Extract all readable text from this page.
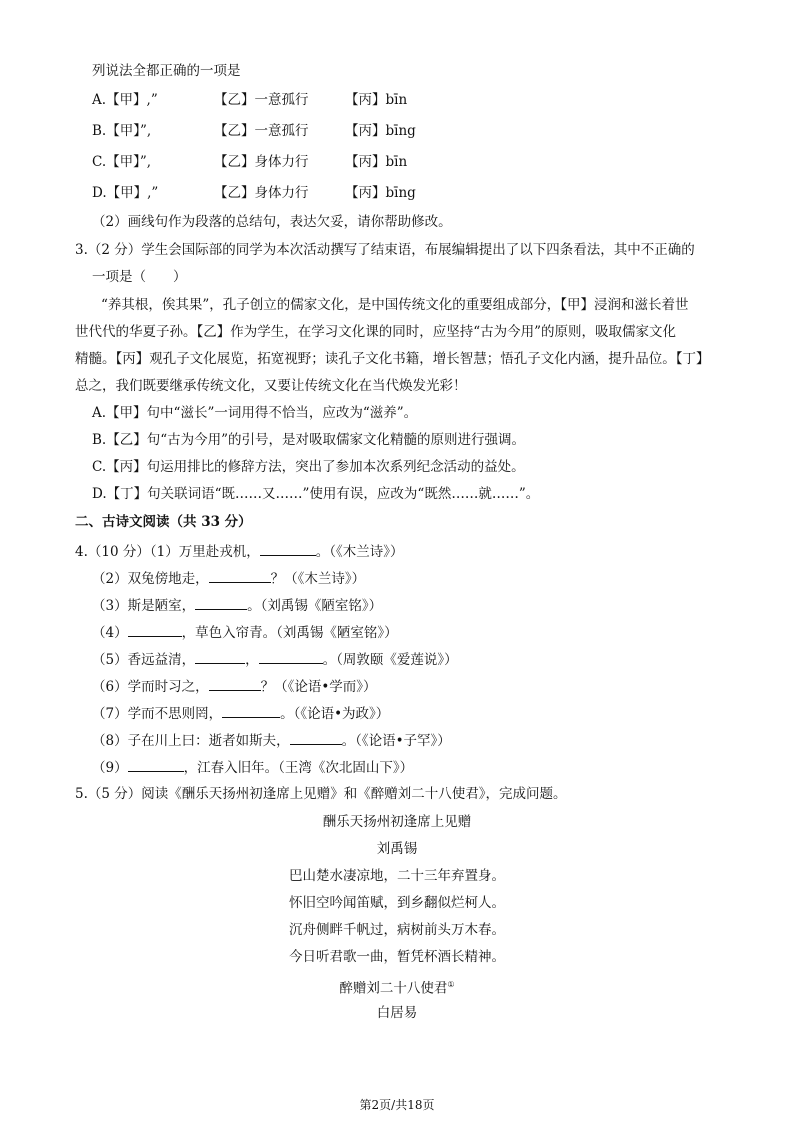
列说法全都正确的一项是
A.【甲】,”	【乙】一意孤行	【丙】bīn
B.【甲】”,	【乙】一意孤行	【丙】bīng
C.【甲】”,	【乙】身体力行	【丙】bīn
D.【甲】,”	【乙】身体力行	【丙】bīng
（2）画线句作为段落的总结句，表达欠妥，请你帮助修改。
3.（2 分）学生会国际部的同学为本次活动撰写了结束语，布展编辑提出了以下四条看法，其中不正确的
一项是（　　）
“养其根，俟其果”，孔子创立的儒家文化，是中国传统文化的重要组成部分，【甲】浸润和滋长着世
世代代的华夏子孙。【乙】作为学生，在学习文化课的同时，应坚持“古为今用”的原则，吸取儒家文化
精髓。【丙】观孔子文化展览，拓宽视野；读孔子文化书籍，增长智慧；悟孔子文化内涵，提升品位。【丁】
总之，我们既要继承传统文化，又要让传统文化在当代焕发光彩！
A.【甲】句中“滋长”一词用得不恰当，应改为“滋养”。
B.【乙】句“古为今用”的引号，是对吸取儒家文化精髓的原则进行强调。
C.【丙】句运用排比的修辞方法，突出了参加本次系列纪念活动的益处。
D.【丁】句关联词语“既……又……”使用有误，应改为“既然……就……”。
二、古诗文阅读（共 33 分）
4.（10 分）（1）万里赴戎机，	。（《木兰诗》）
（2）双兔傍地走，	？（《木兰诗》）
（3）斯是陋室，	。（刘禹锡《陋室铭》）
（4）	，草色入帘青。（刘禹锡《陋室铭》）
（5）香远益清，	，	。（周敦颐《爱莲说》）
（6）学而时习之，	？（《论语•学而》）
（7）学而不思则罔，	。（《论语•为政》）
（8）子在川上曰：逝者如斯夫，	。（《论语•子罕》）
（9）	，江春入旧年。（王湾《次北固山下》）
5.（5 分）阅读《酬乐天扬州初逢席上见赠》和《醉赠刘二十八使君》，完成问题。
酬乐天扬州初逢席上见赠
刘禹锡
巴山楚水凄凉地，二十三年弃置身。
怀旧空吟闻笛赋，到乡翻似烂柯人。
沉舟侧畔千帆过，病树前头万木春。
今日听君歌一曲，暂凭杯酒长精神。
醉赠刘二十八使君①
白居易
第2页/共18页
